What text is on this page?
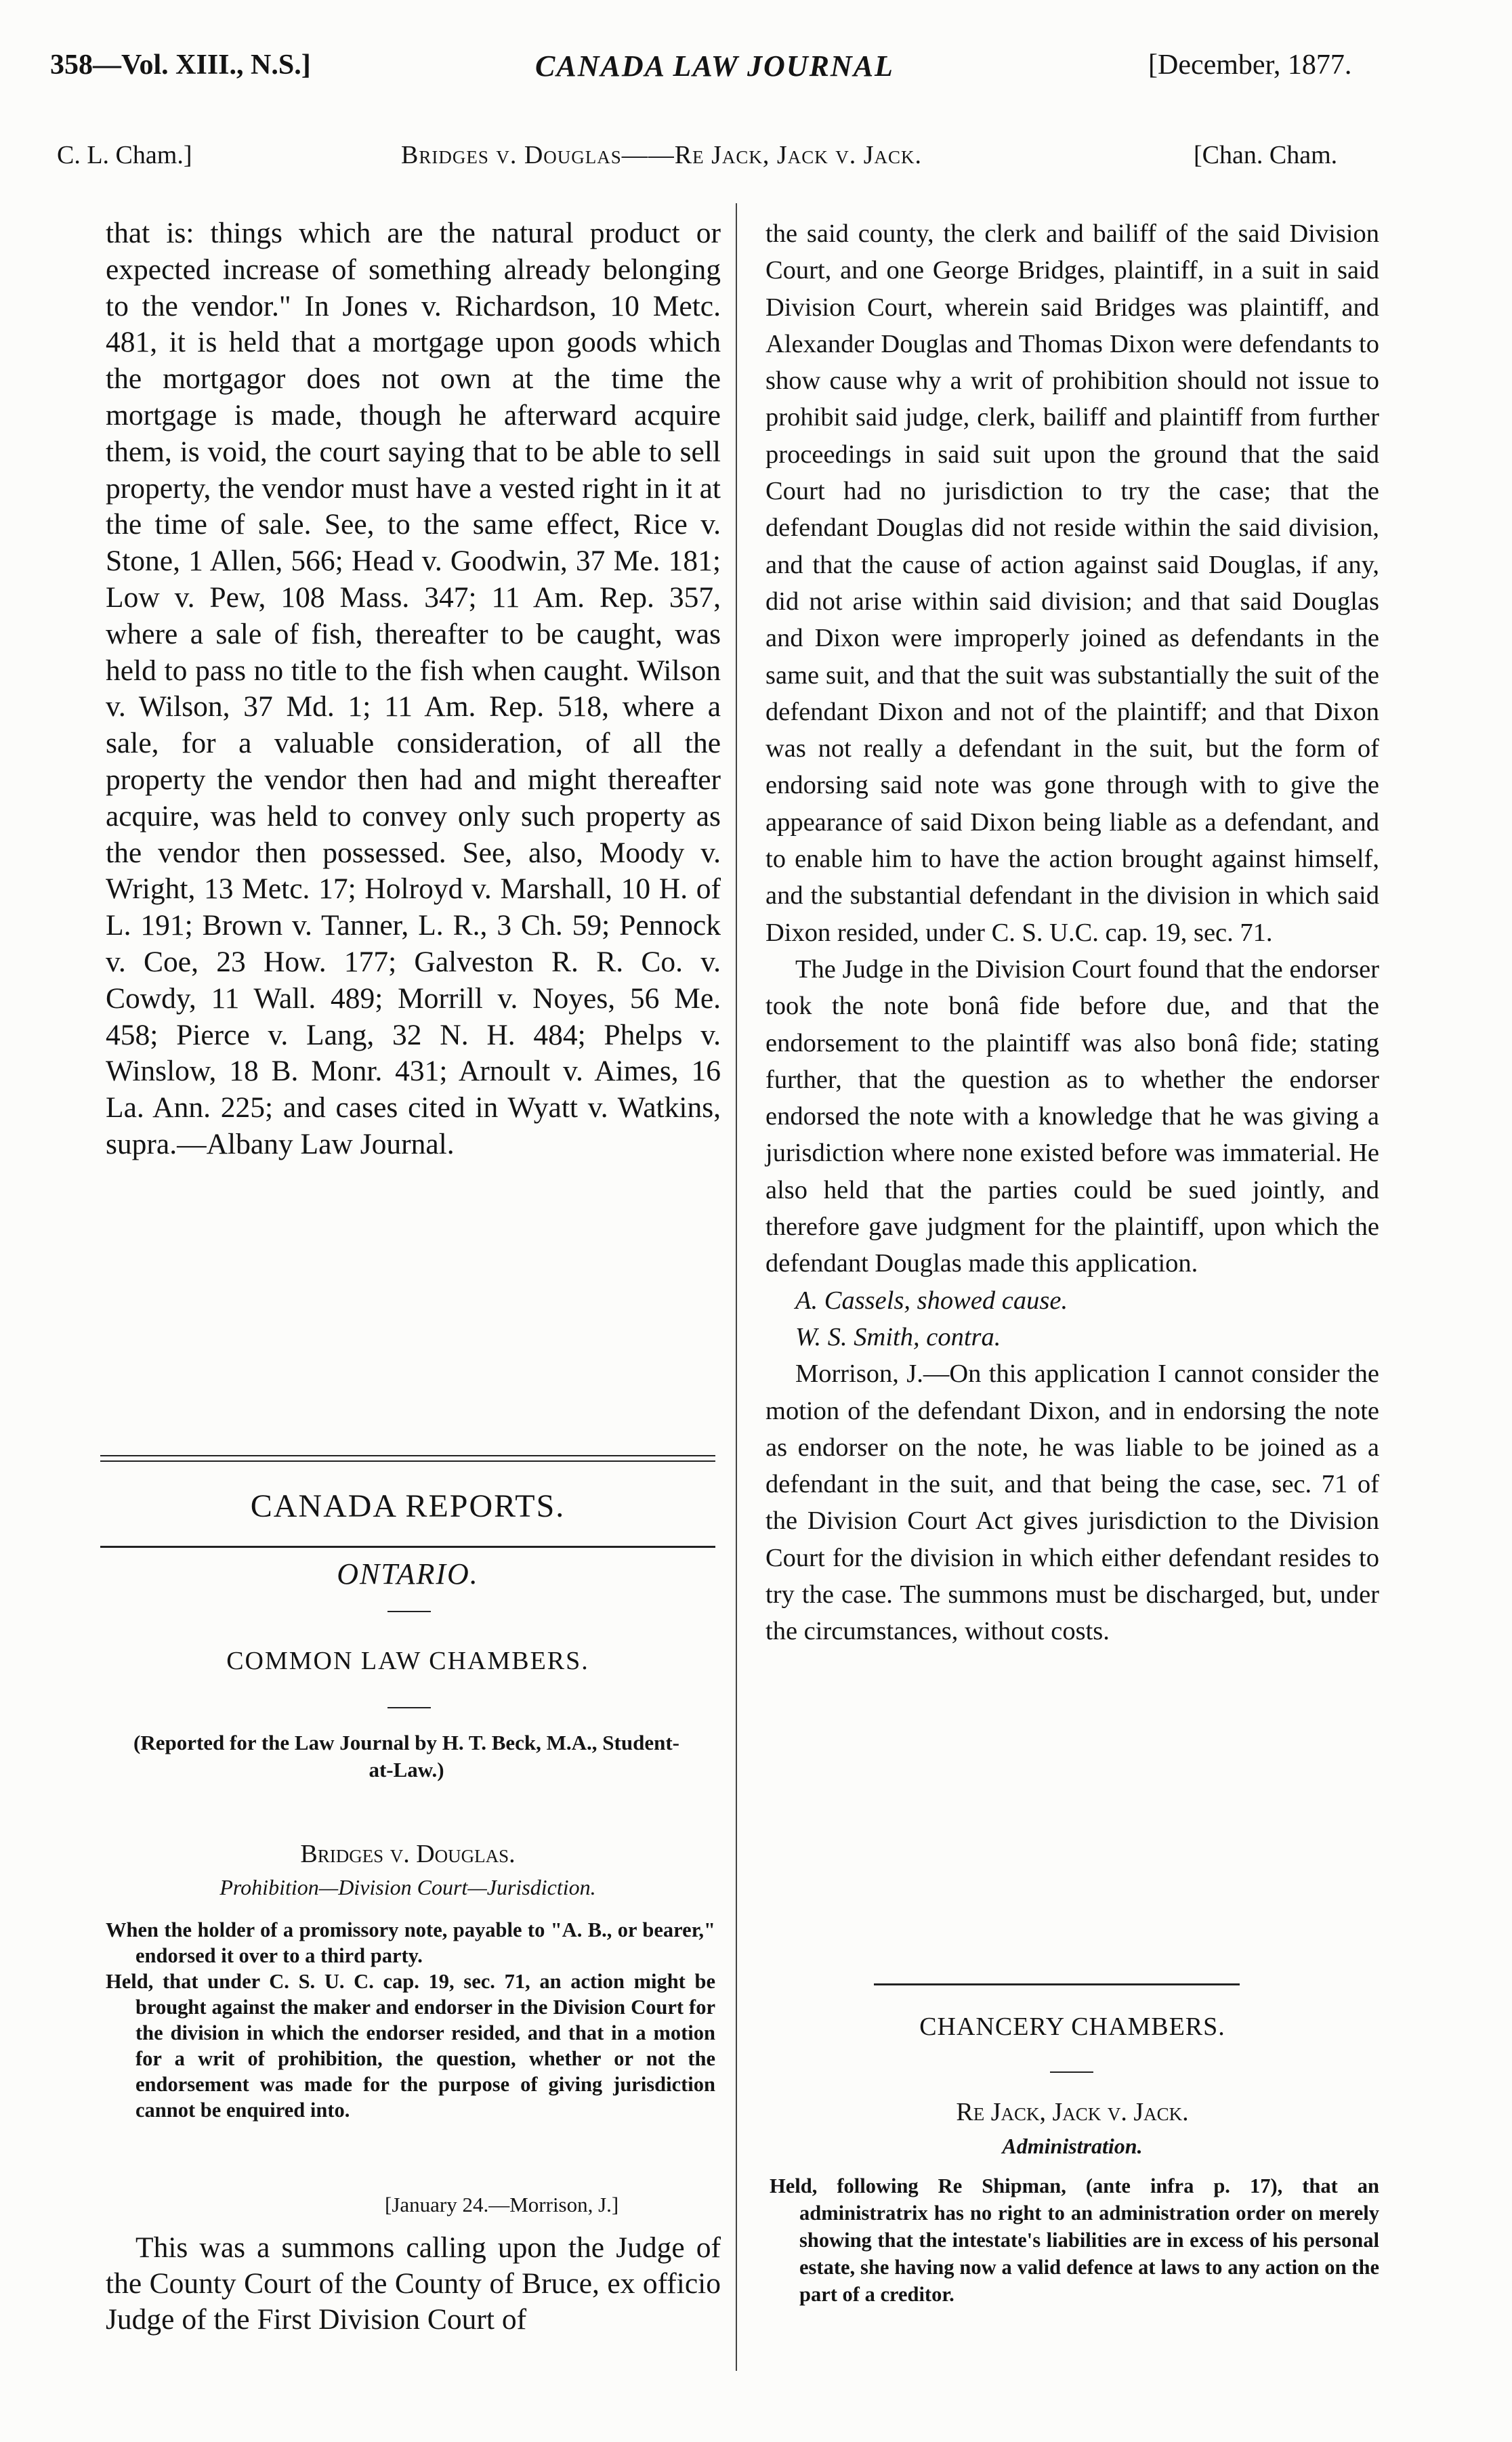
358—Vol. XIII., N.S.]	CANADA LAW JOURNAL	[December, 1877.
C. L. Cham.]	Bridges v. Douglas——Re Jack, Jack v. Jack.	[Chan. Cham.

that is: things which are the natural product or expected increase of something already belonging to the vendor." In Jones v. Richardson, 10 Metc. 481, it is held that a mortgage upon goods which the mortgagor does not own at the time the mortgage is made, though he afterward acquire them, is void, the court saying that to be able to sell property, the vendor must have a vested right in it at the time of sale. See, to the same effect, Rice v. Stone, 1 Allen, 566; Head v. Goodwin, 37 Me. 181; Low v. Pew, 108 Mass. 347; 11 Am. Rep. 357, where a sale of fish, thereafter to be caught, was held to pass no title to the fish when caught. Wilson v. Wilson, 37 Md. 1; 11 Am. Rep. 518, where a sale, for a valuable consideration, of all the property the vendor then had and might thereafter acquire, was held to convey only such property as the vendor then possessed. See, also, Moody v. Wright, 13 Metc. 17; Holroyd v. Marshall, 10 H. of L. 191; Brown v. Tanner, L. R., 3 Ch. 59; Pennock v. Coe, 23 How. 177; Galveston R. R. Co. v. Cowdy, 11 Wall. 489; Morrill v. Noyes, 56 Me. 458; Pierce v. Lang, 32 N. H. 484; Phelps v. Winslow, 18 B. Monr. 431; Arnoult v. Aimes, 16 La. Ann. 225; and cases cited in Wyatt v. Watkins, supra.—Albany Law Journal.

CANADA REPORTS.
ONTARIO.
COMMON LAW CHAMBERS.
(Reported for the Law Journal by H. T. Beck, M.A., Student-at-Law.)
Bridges v. Douglas.
Prohibition—Division Court—Jurisdiction.

When the holder of a promissory note, payable to "A. B., or bearer," endorsed it over to a third party.

Held, that under C. S. U. C. cap. 19, sec. 71, an action might be brought against the maker and endorser in the Division Court for the division in which the endorser resided, and that in a motion for a writ of prohibition, the question, whether or not the endorsement was made for the purpose of giving jurisdiction cannot be enquired into.

[January 24.—Morrison, J.]

This was a summons calling upon the Judge of the County Court of the County of Bruce, ex officio Judge of the First Division Court of

the said county, the clerk and bailiff of the said Division Court, and one George Bridges, plaintiff, in a suit in said Division Court, wherein said Bridges was plaintiff, and Alexander Douglas and Thomas Dixon were defendants to show cause why a writ of prohibition should not issue to prohibit said judge, clerk, bailiff and plaintiff from further proceedings in said suit upon the ground that the said Court had no jurisdiction to try the case; that the defendant Douglas did not reside within the said division, and that the cause of action against said Douglas, if any, did not arise within said division; and that said Douglas and Dixon were improperly joined as defendants in the same suit, and that the suit was substantially the suit of the defendant Dixon and not of the plaintiff; and that Dixon was not really a defendant in the suit, but the form of endorsing said note was gone through with to give the appearance of said Dixon being liable as a defendant, and to enable him to have the action brought against himself, and the substantial defendant in the division in which said Dixon resided, under C. S. U.C. cap. 19, sec. 71.

The Judge in the Division Court found that the endorser took the note bonâ fide before due, and that the endorsement to the plaintiff was also bonâ fide; stating further, that the question as to whether the endorser endorsed the note with a knowledge that he was giving a jurisdiction where none existed before was immaterial. He also held that the parties could be sued jointly, and therefore gave judgment for the plaintiff, upon which the defendant Douglas made this application.

A. Cassels, showed cause.

W. S. Smith, contra.

Morrison, J.—On this application I cannot consider the motion of the defendant Dixon, and in endorsing the note as endorser on the note, he was liable to be joined as a defendant in the suit, and that being the case, sec. 71 of the Division Court Act gives jurisdiction to the Division Court for the division in which either defendant resides to try the case. The summons must be discharged, but, under the circumstances, without costs.

CHANCERY CHAMBERS.
Re Jack, Jack v. Jack.
Administration.

Held, following Re Shipman, (ante infra p. 17), that an administratrix has no right to an administration order on merely showing that the intestate's liabilities are in excess of his personal estate, she having now a valid defence at laws to any action on the part of a creditor.
